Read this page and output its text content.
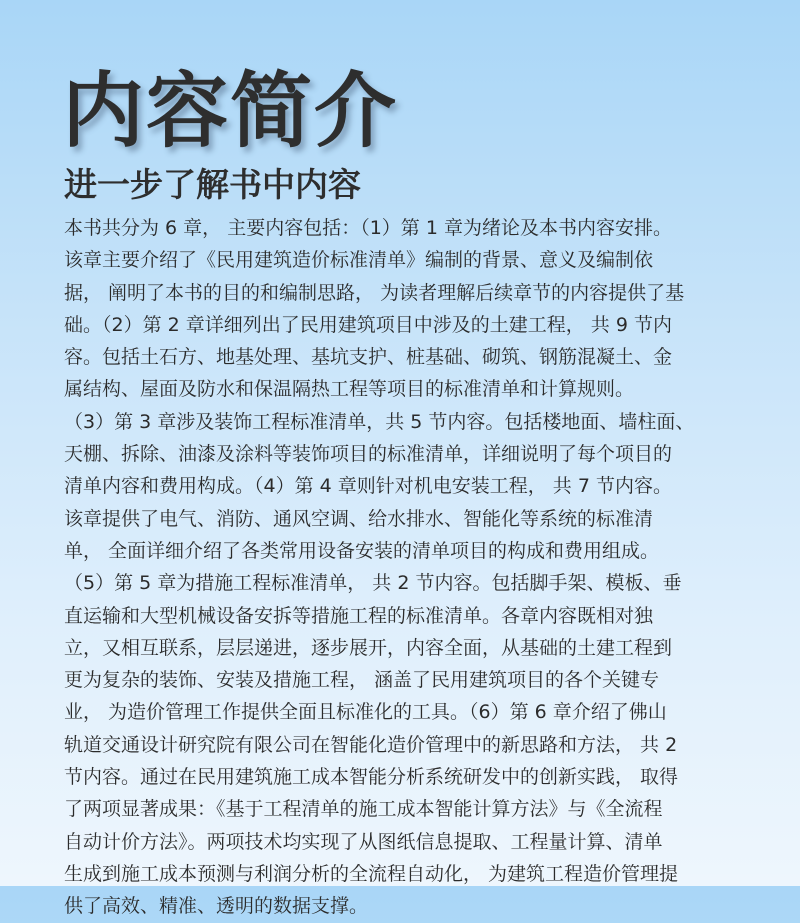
内容简介
进一步了解书中内容
本书共分为 6 章， 主要内容包括：（1）第 1 章为绪论及本书内容安排。
该章主要介绍了《民用建筑造价标准清单》编制的背景、意义及编制依
据， 阐明了本书的目的和编制思路， 为读者理解后续章节的内容提供了基
础。（2）第 2 章详细列出了民用建筑项目中涉及的土建工程， 共 9 节内
容。包括土石方、地基处理、基坑支护、桩基础、砌筑、钢筋混凝土、金
属结构、屋面及防水和保温隔热工程等项目的标准清单和计算规则。
（3）第 3 章涉及装饰工程标准清单，共 5 节内容。包括楼地面、墙柱面、
天棚、拆除、油漆及涂料等装饰项目的标准清单，详细说明了每个项目的
清单内容和费用构成。（4）第 4 章则针对机电安装工程， 共 7 节内容。
该章提供了电气、消防、通风空调、给水排水、智能化等系统的标准清
单， 全面详细介绍了各类常用设备安装的清单项目的构成和费用组成。
（5）第 5 章为措施工程标准清单， 共 2 节内容。包括脚手架、模板、垂
直运输和大型机械设备安拆等措施工程的标准清单。各章内容既相对独
立，又相互联系，层层递进，逐步展开，内容全面，从基础的土建工程到
更为复杂的装饰、安装及措施工程， 涵盖了民用建筑项目的各个关键专
业， 为造价管理工作提供全面且标准化的工具。（6）第 6 章介绍了佛山
轨道交通设计研究院有限公司在智能化造价管理中的新思路和方法， 共 2
节内容。通过在民用建筑施工成本智能分析系统研发中的创新实践， 取得
了两项显著成果：《基于工程清单的施工成本智能计算方法》与《全流程
自动计价方法》。两项技术均实现了从图纸信息提取、工程量计算、清单
生成到施工成本预测与利润分析的全流程自动化， 为建筑工程造价管理提
供了高效、精准、透明的数据支撑。
